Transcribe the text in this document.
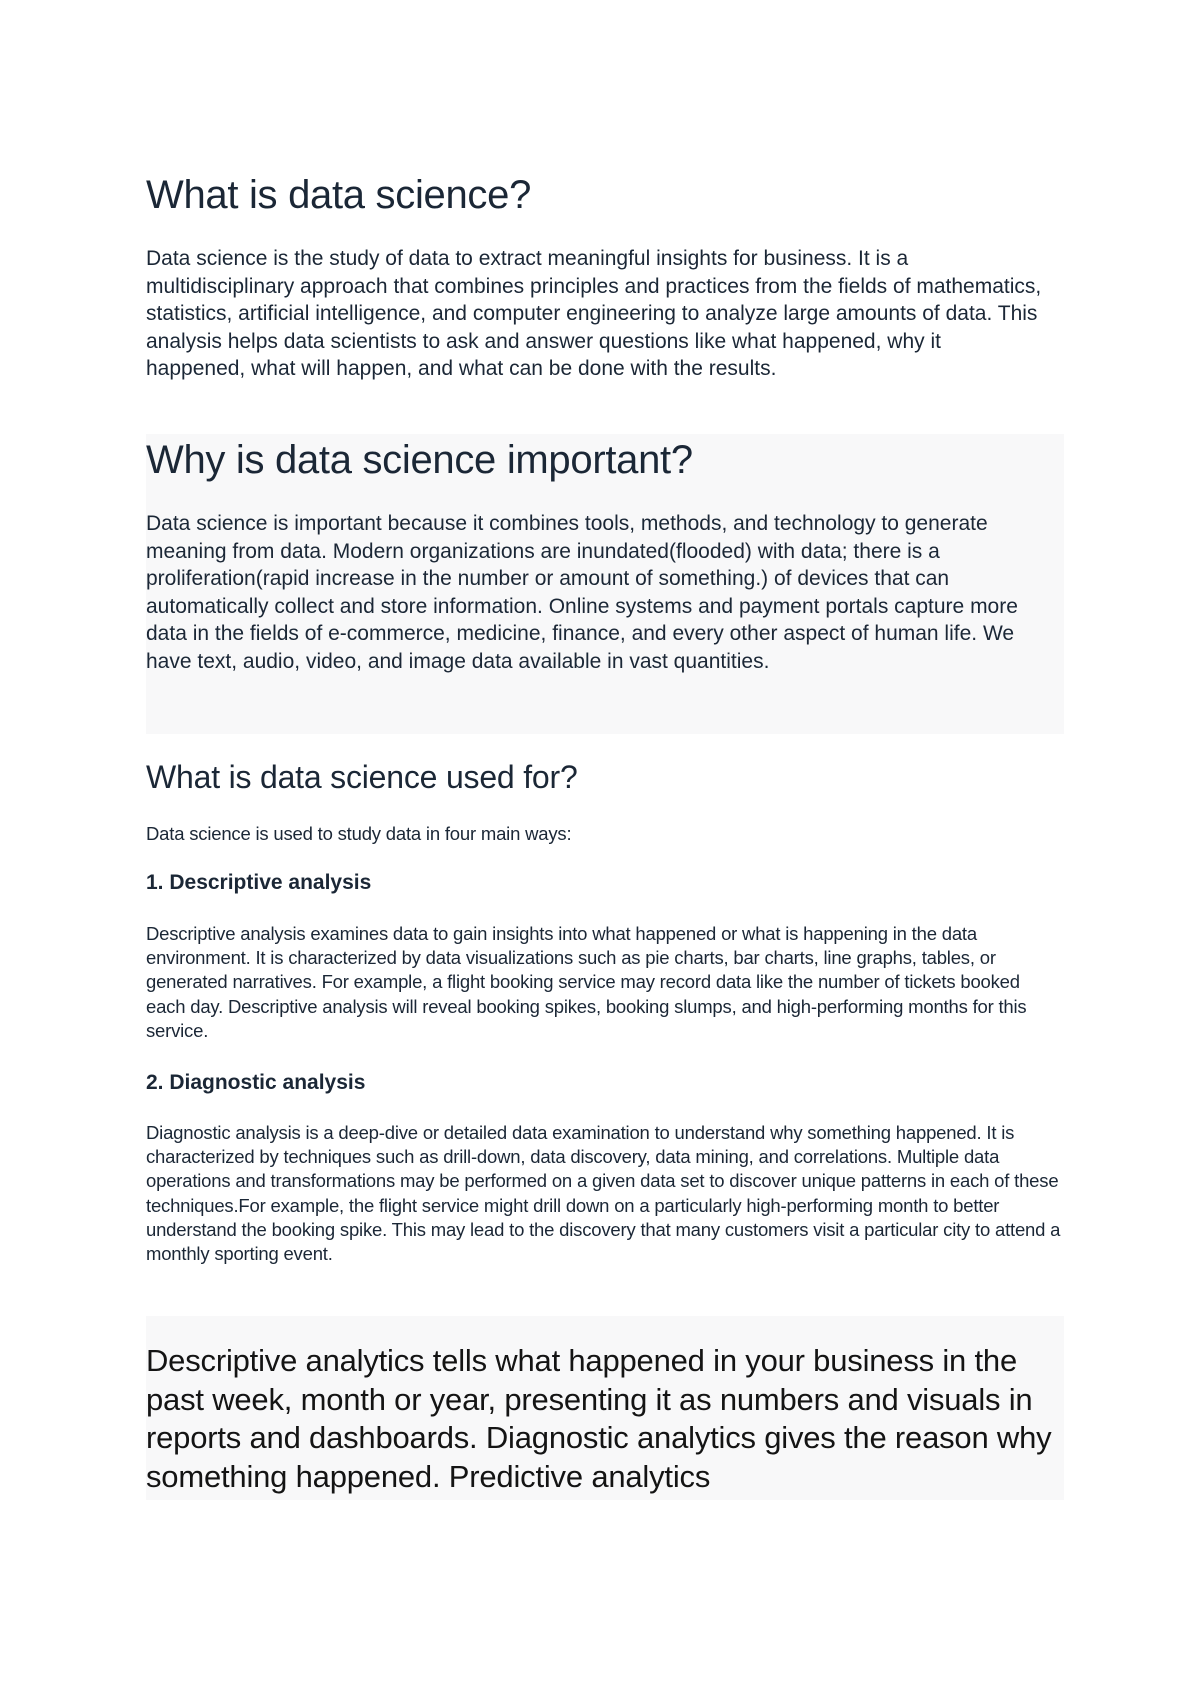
What is data science?

Data science is the study of data to extract meaningful insights for business. It is a multidisciplinary approach that combines principles and practices from the fields of mathematics, statistics, artificial intelligence, and computer engineering to analyze large amounts of data. This analysis helps data scientists to ask and answer questions like what happened, why it happened, what will happen, and what can be done with the results.

Why is data science important?

Data science is important because it combines tools, methods, and technology to generate meaning from data. Modern organizations are inundated(flooded) with data; there is a proliferation(rapid increase in the number or amount of something.) of devices that can automatically collect and store information. Online systems and payment portals capture more data in the fields of e-commerce, medicine, finance, and every other aspect of human life. We have text, audio, video, and image data available in vast quantities.

What is data science used for?

Data science is used to study data in four main ways:

1. Descriptive analysis

Descriptive analysis examines data to gain insights into what happened or what is happening in the data environment. It is characterized by data visualizations such as pie charts, bar charts, line graphs, tables, or generated narratives. For example, a flight booking service may record data like the number of tickets booked each day. Descriptive analysis will reveal booking spikes, booking slumps, and high-performing months for this service.

2. Diagnostic analysis

Diagnostic analysis is a deep-dive or detailed data examination to understand why something happened. It is characterized by techniques such as drill-down, data discovery, data mining, and correlations. Multiple data operations and transformations may be performed on a given data set to discover unique patterns in each of these techniques.For example, the flight service might drill down on a particularly high-performing month to better understand the booking spike. This may lead to the discovery that many customers visit a particular city to attend a monthly sporting event.

Descriptive analytics tells what happened in your business in the past week, month or year, presenting it as numbers and visuals in reports and dashboards. Diagnostic analytics gives the reason why something happened. Predictive analytics
